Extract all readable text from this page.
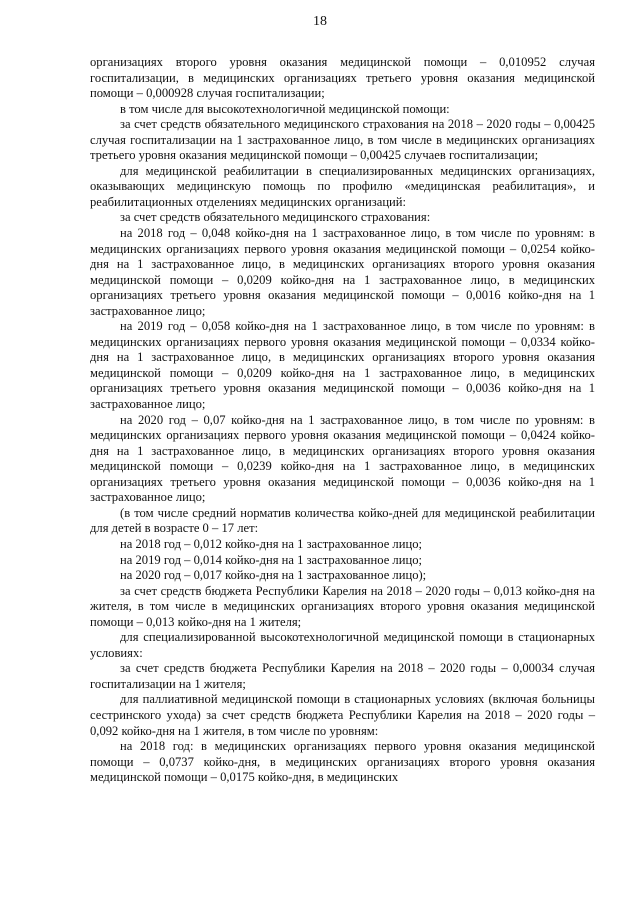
18

организациях второго уровня оказания медицинской помощи – 0,010952 случая госпитализации, в медицинских организациях третьего уровня оказания медицинской помощи – 0,000928 случая госпитализации;

в том числе для высокотехнологичной медицинской помощи:

за счет средств обязательного медицинского страхования на 2018 – 2020 годы – 0,00425 случая госпитализации на 1 застрахованное лицо, в том числе в медицинских организациях третьего уровня оказания медицинской помощи – 0,00425 случаев госпитализации;

для медицинской реабилитации в специализированных медицинских организациях, оказывающих медицинскую помощь по профилю «медицинская реабилитация», и реабилитационных отделениях медицинских организаций:

за счет средств обязательного медицинского страхования:

на 2018 год – 0,048 койко-дня на 1 застрахованное лицо, в том числе по уровням: в медицинских организациях первого уровня оказания медицинской помощи – 0,0254 койко-дня на 1 застрахованное лицо, в медицинских организациях второго уровня оказания медицинской помощи – 0,0209 койко-дня на 1 застрахованное лицо, в медицинских организациях третьего уровня оказания медицинской помощи – 0,0016 койко-дня на 1 застрахованное лицо;

на 2019 год – 0,058 койко-дня на 1 застрахованное лицо, в том числе по уровням: в медицинских организациях первого уровня оказания медицинской помощи – 0,0334 койко-дня на 1 застрахованное лицо, в медицинских организациях второго уровня оказания медицинской помощи – 0,0209 койко-дня на 1 застрахованное лицо, в медицинских организациях третьего уровня оказания медицинской помощи – 0,0036 койко-дня на 1 застрахованное лицо;

на 2020 год – 0,07 койко-дня на 1 застрахованное лицо, в том числе по уровням: в медицинских организациях первого уровня оказания медицинской помощи – 0,0424 койко-дня на 1 застрахованное лицо, в медицинских организациях второго уровня оказания медицинской помощи – 0,0239 койко-дня на 1 застрахованное лицо, в медицинских организациях третьего уровня оказания медицинской помощи – 0,0036 койко-дня на 1 застрахованное лицо;

(в том числе средний норматив количества койко-дней для медицинской реабилитации для детей в возрасте 0 – 17 лет:

на 2018 год – 0,012 койко-дня на 1 застрахованное лицо;

на 2019 год – 0,014 койко-дня на 1 застрахованное лицо;

на 2020 год – 0,017 койко-дня на 1 застрахованное лицо);

за счет средств бюджета Республики Карелия на 2018 – 2020 годы – 0,013 койко-дня на жителя, в том числе в медицинских организациях второго уровня оказания медицинской помощи – 0,013 койко-дня на 1 жителя;

для специализированной высокотехнологичной медицинской помощи в стационарных условиях:

за счет средств бюджета Республики Карелия на 2018 – 2020 годы – 0,00034 случая госпитализации на 1 жителя;

для паллиативной медицинской помощи в стационарных условиях (включая больницы сестринского ухода) за счет средств бюджета Республики Карелия на 2018 – 2020 годы – 0,092 койко-дня на 1 жителя, в том числе по уровням:

на 2018 год: в медицинских организациях первого уровня оказания медицинской помощи – 0,0737 койко-дня, в медицинских организациях второго уровня оказания медицинской помощи – 0,0175 койко-дня, в медицинских
